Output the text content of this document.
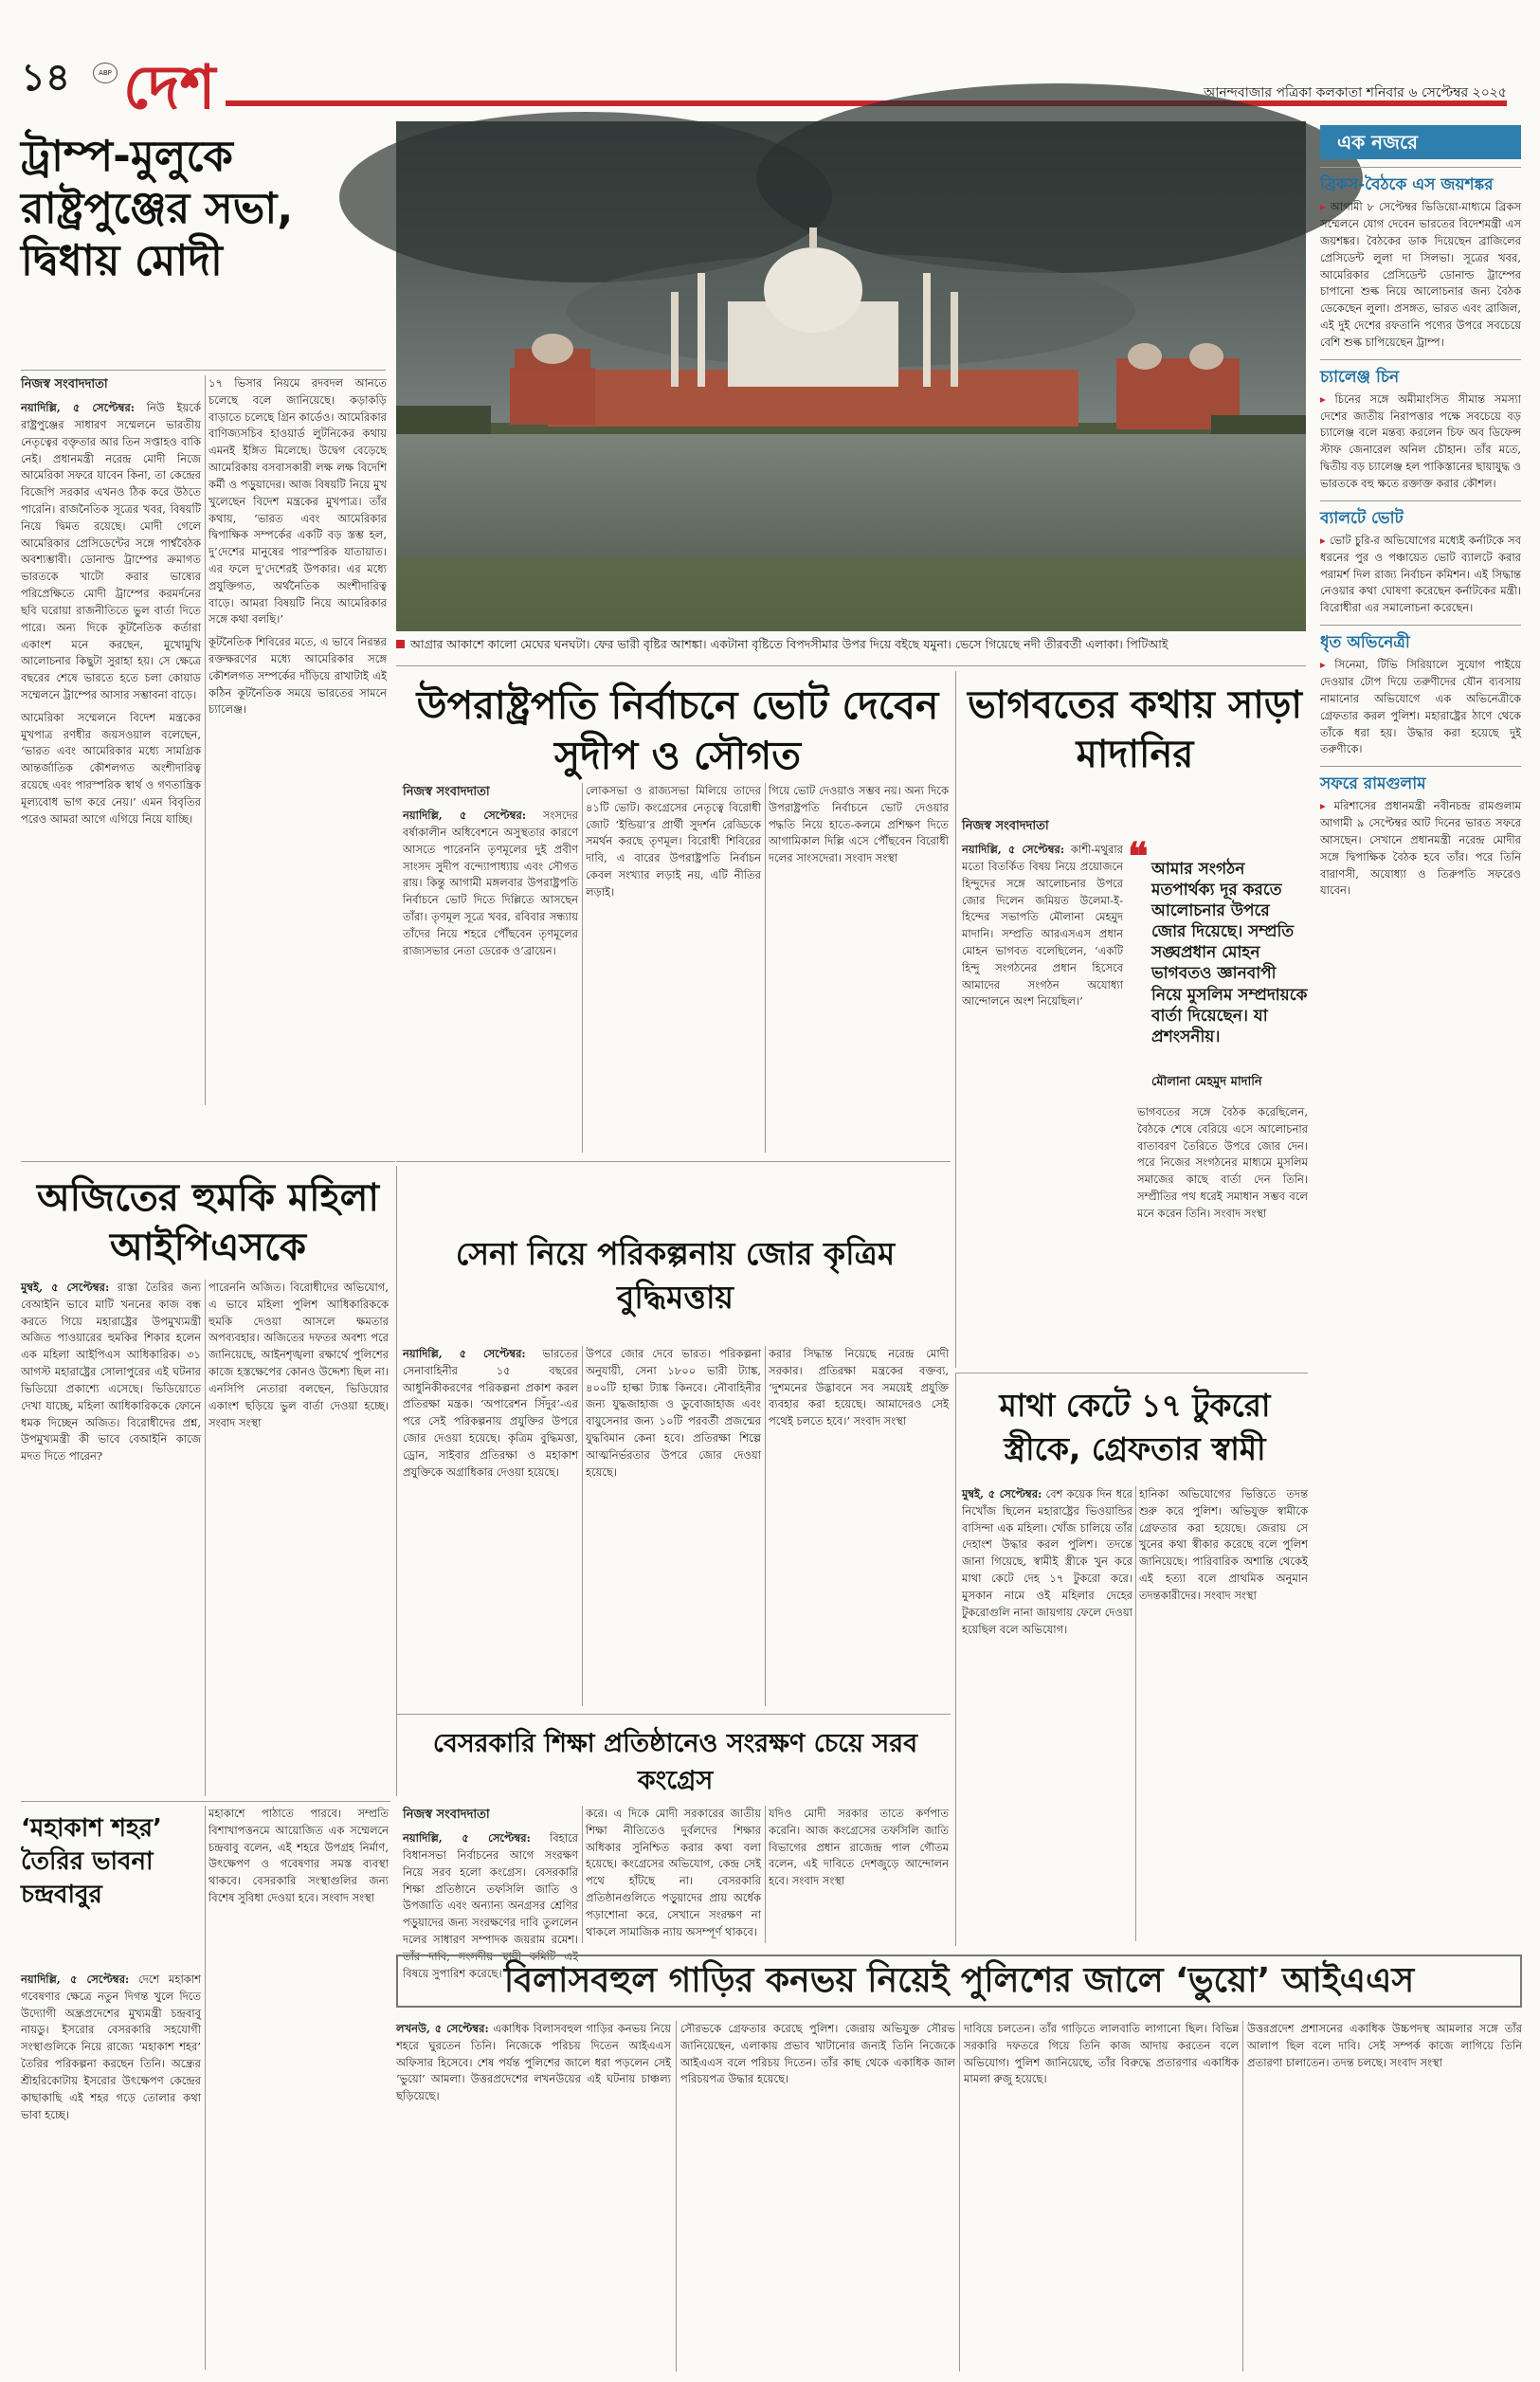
১৪	ABP দেশ	আনন্দবাজার পত্রিকা কলকাতা শনিবার ৬ সেপ্টেম্বর ২০২৫
ট্রাম্প-মুলুকে রাষ্ট্রপুঞ্জের সভা, দ্বিধায় মোদী
নিজস্ব সংবাদদাতা
নয়াদিল্লি, ৫ সেপ্টেম্বর: নিউ ইয়র্কে রাষ্ট্রপুঞ্জের সাধারণ সম্মেলনে ভারতীয় নেতৃত্বের বক্তৃতার আর তিন সপ্তাহও বাকি নেই। প্রধানমন্ত্রী নরেন্দ্র মোদী নিজে আমেরিকা সফরে যাবেন কিনা, তা কেন্দ্রের বিজেপি সরকার এখনও ঠিক করে উঠতে পারেনি। রাজনৈতিক সূত্রের খবর, বিষয়টি নিয়ে দ্বিমত রয়েছে। মোদী গেলে আমেরিকার প্রেসিডেন্টের সঙ্গে পার্শ্ববৈঠক অবশ্যম্ভাবী। ডোনাল্ড ট্রাম্পের ক্রমাগত ভারতকে খাটো করার ভাষ্যের পরিপ্রেক্ষিতে মোদী ট্রাম্পের করমর্দনের ছবি ঘরোয়া রাজনীতিতে ভুল বার্তা দিতে পারে। অন্য দিকে কূটনৈতিক কর্তারা একাংশ মনে করছেন, মুখোমুখি আলোচনার কিছুটা সুরাহা হয়। সে ক্ষেত্রে বছরের শেষে ভারতে হতে চলা কোয়াড সম্মেলনে ট্রাম্পের আসার সম্ভাবনা বাড়ে।

আমেরিকা সম্মেলনে বিদেশ মন্ত্রকের মুখপাত্র রণধীর জয়সওয়াল বলেছেন, ‘ভারত এবং আমেরিকার মধ্যে সামগ্রিক আন্তর্জাতিক কৌশলগত অংশীদারিত্ব রয়েছে এবং পারস্পরিক স্বার্থ ও গণতান্ত্রিক মূল্যবোধ ভাগ করে নেয়।’ এমন বিবৃতির পরেও আমরা আগে এগিয়ে নিয়ে যাচ্ছি।

১৭ ভিসার নিয়মে রদবদল আনতে চলেছে বলে জানিয়েছে। কড়াকড়ি বাড়াতে চলেছে গ্রিন কার্ডেও। আমেরিকার বাণিজ্যসচিব হাওয়ার্ড লুটনিকের কথায় এমনই ইঙ্গিত মিলেছে। উদ্বেগ বেড়েছে আমেরিকায় বসবাসকারী লক্ষ লক্ষ বিদেশি কর্মী ও পড়ুয়াদের। আজ বিষয়টি নিয়ে মুখ খুলেছেন বিদেশ মন্ত্রকের মুখপাত্র। তাঁর কথায়, ‘ভারত এবং আমেরিকার দ্বিপাক্ষিক সম্পর্কের একটি বড় স্তম্ভ হল, দু’দেশের মানুষের পারস্পরিক যাতায়াত। এর ফলে দু’দেশেরই উপকার। এর মধ্যে প্রযুক্তিগত, অর্থনৈতিক অংশীদারিত্ব বাড়ে। আমরা বিষয়টি নিয়ে আমেরিকার সঙ্গে কথা বলছি।’

কূটনৈতিক শিবিরের মতে, এ ভাবে নিরন্তর রক্তক্ষরণের মধ্যে আমেরিকার সঙ্গে কৌশলগত সম্পর্কের দাঁড়িয়ে রাখাটাই এই কঠিন কূটনৈতিক সময়ে ভারতের সামনে চ্যালেঞ্জ।

আগ্রার আকাশে কালো মেঘের ঘনঘটা। ফের ভারী বৃষ্টির আশঙ্কা। একটানা বৃষ্টিতে বিপদসীমার উপর দিয়ে বইছে যমুনা। ভেসে গিয়েছে নদী তীরবর্তী এলাকা। পিটিআই
উপরাষ্ট্রপতি নির্বাচনে ভোট দেবেন সুদীপ ও সৌগত
নিজস্ব সংবাদদাতা
নয়াদিল্লি, ৫ সেপ্টেম্বর: সংসদের বর্ষাকালীন অধিবেশনে অসুস্থতার কারণে আসতে পারেননি তৃণমূলের দুই প্রবীণ সাংসদ সুদীপ বন্দ্যোপাধ্যায় এবং সৌগত রায়। কিন্তু আগামী মঙ্গলবার উপরাষ্ট্রপতি নির্বাচনে ভোট দিতে দিল্লিতে আসছেন তাঁরা। তৃণমূল সূত্রে খবর, রবিবার সন্ধ্যায় তাঁদের নিয়ে শহরে পৌঁছবেন তৃণমূলের রাজ্যসভার নেতা ডেরেক ও’ব্রায়েন।
লোকসভা ও রাজ্যসভা মিলিয়ে তাদের ৪১টি ভোট। কংগ্রেসের নেতৃত্বে বিরোধী জোট ‘ইন্ডিয়া’র প্রার্থী সুদর্শন রেড্ডিকে সমর্থন করছে তৃণমূল। বিরোধী শিবিরের দাবি, এ বারের উপরাষ্ট্রপতি নির্বাচন কেবল সংখ্যার লড়াই নয়, এটি নীতির লড়াই।
গিয়ে ভোট দেওয়াও সম্ভব নয়। অন্য দিকে উপরাষ্ট্রপতি নির্বাচনে ভোট দেওয়ার পদ্ধতি নিয়ে হাতে-কলমে প্রশিক্ষণ দিতে আগামিকাল দিল্লি এসে পৌঁছবেন বিরোধী দলের সাংসদেরা। সংবাদ সংস্থা
ভাগবতের কথায় সাড়া মাদানির
নিজস্ব সংবাদদাতা
নয়াদিল্লি, ৫ সেপ্টেম্বর: কাশী-মথুরার মতো বিতর্কিত বিষয় নিয়ে প্রয়োজনে হিন্দুদের সঙ্গে আলোচনার উপরে জোর দিলেন জমিয়ত উলেমা-ই-হিন্দের সভাপতি মৌলানা মেহমুদ মাদানি। সম্প্রতি আরএসএস প্রধান মোহন ভাগবত বলেছিলেন, ‘একটি হিন্দু সংগঠনের প্রধান হিসেবে আমাদের সংগঠন অযোধ্যা আন্দোলনে অংশ নিয়েছিল।’
❝ আমার সংগঠন মতপার্থক্য দূর করতে আলোচনার উপরে জোর দিয়েছে। সম্প্রতি সঙ্ঘপ্রধান মোহন ভাগবতও জ্ঞানবাপী নিয়ে মুসলিম সম্প্রদায়কে বার্তা দিয়েছেন। যা প্রশংসনীয়।
মৌলানা মেহমুদ মাদানি
ভাগবতের সঙ্গে বৈঠক করেছিলেন, বৈঠকে শেষে বেরিয়ে এসে আলোচনার বাতাবরণ তৈরিতে উপরে জোর দেন। পরে নিজের সংগঠনের মাধ্যমে মুসলিম সমাজের কাছে বার্তা দেন তিনি। সম্প্রীতির পথ ধরেই সমাধান সম্ভব বলে মনে করেন তিনি। সংবাদ সংস্থা
অজিতের হুমকি মহিলা আইপিএসকে
মুম্বই, ৫ সেপ্টেম্বর: রাস্তা তৈরির জন্য বেআইনি ভাবে মাটি খননের কাজ বন্ধ করতে গিয়ে মহারাষ্ট্রের উপমুখ্যমন্ত্রী অজিত পাওয়ারের হুমকির শিকার হলেন এক মহিলা আইপিএস আধিকারিক। ৩১ আগস্ট মহারাষ্ট্রের সোলাপুরের এই ঘটনার ভিডিয়ো প্রকাশ্যে এসেছে। ভিডিয়োতে দেখা যাচ্ছে, মহিলা আধিকারিককে ফোনে ধমক দিচ্ছেন অজিত। বিরোধীদের প্রশ্ন, উপমুখ্যমন্ত্রী কী ভাবে বেআইনি কাজে মদত দিতে পারেন?
পারেননি অজিত। বিরোধীদের অভিযোগ, এ ভাবে মহিলা পুলিশ আধিকারিককে হুমকি দেওয়া আসলে ক্ষমতার অপব্যবহার। অজিতের দফতর অবশ্য পরে জানিয়েছে, আইনশৃঙ্খলা রক্ষার্থে পুলিশের কাজে হস্তক্ষেপের কোনও উদ্দেশ্য ছিল না। এনসিপি নেতারা বলছেন, ভিডিয়োর একাংশ ছড়িয়ে ভুল বার্তা দেওয়া হচ্ছে। সংবাদ সংস্থা
সেনা নিয়ে পরিকল্পনায় জোর কৃত্রিম বুদ্ধিমত্তায়
নয়াদিল্লি, ৫ সেপ্টেম্বর: ভারতের সেনাবাহিনীর ১৫ বছরের আধুনিকীকরণের পরিকল্পনা প্রকাশ করল প্রতিরক্ষা মন্ত্রক। ‘অপারেশন সিঁদুর’-এর পরে সেই পরিকল্পনায় প্রযুক্তির উপরে জোর দেওয়া হয়েছে। কৃত্রিম বুদ্ধিমত্তা, ড্রোন, সাইবার প্রতিরক্ষা ও মহাকাশ প্রযুক্তিকে অগ্রাধিকার দেওয়া হয়েছে।
উপরে জোর দেবে ভারত। পরিকল্পনা অনুযায়ী, সেনা ১৮০০ ভারী ট্যাঙ্ক, ৪০০টি হাল্কা ট্যাঙ্ক কিনবে। নৌবাহিনীর জন্য যুদ্ধজাহাজ ও ডুবোজাহাজ এবং বায়ুসেনার জন্য ১০টি পরবর্তী প্রজন্মের যুদ্ধবিমান কেনা হবে। প্রতিরক্ষা শিল্পে আত্মনির্ভরতার উপরে জোর দেওয়া হয়েছে।
করার সিদ্ধান্ত নিয়েছে নরেন্দ্র মোদী সরকার। প্রতিরক্ষা মন্ত্রকের বক্তব্য, ‘দুশমনের উদ্ভাবনে সব সময়েই প্রযুক্তি ব্যবহার করা হয়েছে। আমাদেরও সেই পথেই চলতে হবে।’ সংবাদ সংস্থা
বেসরকারি শিক্ষা প্রতিষ্ঠানেও সংরক্ষণ চেয়ে সরব কংগ্রেস
নিজস্ব সংবাদদাতা
নয়াদিল্লি, ৫ সেপ্টেম্বর: বিহারে বিধানসভা নির্বাচনের আগে সংরক্ষণ নিয়ে সরব হলো কংগ্রেস। বেসরকারি শিক্ষা প্রতিষ্ঠানে তফসিলি জাতি ও উপজাতি এবং অন্যান্য অনগ্রসর শ্রেণির পড়ুয়াদের জন্য সংরক্ষণের দাবি তুললেন দলের সাধারণ সম্পাদক জয়রাম রমেশ। তাঁর দাবি, সংসদীয় স্থায়ী কমিটি এই বিষয়ে সুপারিশ করেছে।
করে। এ দিকে মোদী সরকারের জাতীয় শিক্ষা নীতিতেও দুর্বলদের শিক্ষার অধিকার সুনিশ্চিত করার কথা বলা হয়েছে। কংগ্রেসের অভিযোগ, কেন্দ্র সেই পথে হাঁটছে না। বেসরকারি প্রতিষ্ঠানগুলিতে পড়ুয়াদের প্রায় অর্ধেক পড়াশোনা করে, সেখানে সংরক্ষণ না থাকলে সামাজিক ন্যায় অসম্পূর্ণ থাকবে।
যদিও মোদী সরকার তাতে কর্ণপাত করেনি। আজ কংগ্রেসের তফসিলি জাতি বিভাগের প্রধান রাজেন্দ্র পাল গৌতম বলেন, এই দাবিতে দেশজুড়ে আন্দোলন হবে। সংবাদ সংস্থা
মাথা কেটে ১৭ টুকরো স্ত্রীকে, গ্রেফতার স্বামী
মুম্বই, ৫ সেপ্টেম্বর: বেশ কয়েক দিন ধরে নিখোঁজ ছিলেন মহারাষ্ট্রের ভিওয়ান্ডির বাসিন্দা এক মহিলা। খোঁজ চালিয়ে তাঁর দেহাংশ উদ্ধার করল পুলিশ। তদন্তে জানা গিয়েছে, স্বামীই স্ত্রীকে খুন করে মাথা কেটে দেহ ১৭ টুকরো করে। মুসকান নামে ওই মহিলার দেহের টুকরোগুলি নানা জায়গায় ফেলে দেওয়া হয়েছিল বলে অভিযোগ।
হানিকা অভিযোগের ভিত্তিতে তদন্ত শুরু করে পুলিশ। অভিযুক্ত স্বামীকে গ্রেফতার করা হয়েছে। জেরায় সে খুনের কথা স্বীকার করেছে বলে পুলিশ জানিয়েছে। পারিবারিক অশান্তি থেকেই এই হত্যা বলে প্রাথমিক অনুমান তদন্তকারীদের। সংবাদ সংস্থা
‘মহাকাশ শহর’ তৈরির ভাবনা চন্দ্রবাবুর
নয়াদিল্লি, ৫ সেপ্টেম্বর: দেশে মহাকাশ গবেষণার ক্ষেত্রে নতুন দিগন্ত খুলে দিতে উদ্যোগী অন্ধ্রপ্রদেশের মুখ্যমন্ত্রী চন্দ্রবাবু নায়ডু। ইসরোর বেসরকারি সহযোগী সংস্থাগুলিকে নিয়ে রাজ্যে ‘মহাকাশ শহর’ তৈরির পরিকল্পনা করছেন তিনি। অন্ধ্রের শ্রীহরিকোটায় ইসরোর উৎক্ষেপণ কেন্দ্রের কাছাকাছি এই শহর গড়ে তোলার কথা ভাবা হচ্ছে।
মহাকাশে পাঠাতে পারবে। সম্প্রতি বিশাখাপত্তনমে আয়োজিত এক সম্মেলনে চন্দ্রবাবু বলেন, এই শহরে উপগ্রহ নির্মাণ, উৎক্ষেপণ ও গবেষণার সমস্ত ব্যবস্থা থাকবে। বেসরকারি সংস্থাগুলির জন্য বিশেষ সুবিধা দেওয়া হবে। সংবাদ সংস্থা
বিলাসবহুল গাড়ির কনভয় নিয়েই পুলিশের জালে ‘ভুয়ো’ আইএএস
লখনউ, ৫ সেপ্টেম্বর: একাধিক বিলাসবহুল গাড়ির কনভয় নিয়ে শহরে ঘুরতেন তিনি। নিজেকে পরিচয় দিতেন আইএএস অফিসার হিসেবে। শেষ পর্যন্ত পুলিশের জালে ধরা পড়লেন সেই ‘ভুয়ো’ আমলা। উত্তরপ্রদেশের লখনউয়ের এই ঘটনায় চাঞ্চল্য ছড়িয়েছে।
সৌরভকে গ্রেফতার করেছে পুলিশ। জেরায় অভিযুক্ত সৌরভ জানিয়েছেন, এলাকায় প্রভাব খাটানোর জন্যই তিনি নিজেকে আইএএস বলে পরিচয় দিতেন। তাঁর কাছ থেকে একাধিক জাল পরিচয়পত্র উদ্ধার হয়েছে।
দাবিয়ে চলতেন। তাঁর গাড়িতে লালবাতি লাগানো ছিল। বিভিন্ন সরকারি দফতরে গিয়ে তিনি কাজ আদায় করতেন বলে অভিযোগ। পুলিশ জানিয়েছে, তাঁর বিরুদ্ধে প্রতারণার একাধিক মামলা রুজু হয়েছে।
উত্তরপ্রদেশ প্রশাসনের একাধিক উচ্চপদস্থ আমলার সঙ্গে তাঁর আলাপ ছিল বলে দাবি। সেই সম্পর্ক কাজে লাগিয়ে তিনি প্রতারণা চালাতেন। তদন্ত চলছে। সংবাদ সংস্থা
এক নজরে
ব্রিকস-বৈঠকে এস জয়শঙ্কর
▸ আগামী ৮ সেপ্টেম্বর ভিডিয়ো-মাধ্যমে ব্রিকস সম্মেলনে যোগ দেবেন ভারতের বিদেশমন্ত্রী এস জয়শঙ্কর। বৈঠকের ডাক দিয়েছেন ব্রাজিলের প্রেসিডেন্ট লুলা দা সিলভা। সূত্রের খবর, আমেরিকার প্রেসিডেন্ট ডোনাল্ড ট্রাম্পের চাপানো শুল্ক নিয়ে আলোচনার জন্য বৈঠক ডেকেছেন লুলা। প্রসঙ্গত, ভারত এবং ব্রাজিল, এই দুই দেশের রফতানি পণ্যের উপরে সবচেয়ে বেশি শুল্ক চাপিয়েছেন ট্রাম্প।
চ্যালেঞ্জ চিন
▸ চিনের সঙ্গে অমীমাংসিত সীমান্ত সমস্যা দেশের জাতীয় নিরাপত্তার পক্ষে সবচেয়ে বড় চ্যালেঞ্জ বলে মন্তব্য করলেন চিফ অব ডিফেন্স স্টাফ জেনারেল অনিল চৌহান। তাঁর মতে, দ্বিতীয় বড় চ্যালেঞ্জ হল পাকিস্তানের ছায়াযুদ্ধ ও ভারতকে বহু ক্ষতে রক্তাক্ত করার কৌশল।
ব্যালটে ভোট
▸ ভোট চুরি-র অভিযোগের মধ্যেই কর্নাটকে সব ধরনের পুর ও পঞ্চায়েত ভোট ব্যালটে করার পরামর্শ দিল রাজ্য নির্বাচন কমিশন। এই সিদ্ধান্ত নেওয়ার কথা ঘোষণা করেছেন কর্নাটকের মন্ত্রী। বিরোধীরা এর সমালোচনা করেছেন।
ধৃত অভিনেত্রী
▸ সিনেমা, টিভি সিরিয়ালে সুযোগ পাইয়ে দেওয়ার টোপ দিয়ে তরুণীদের যৌন ব্যবসায় নামানোর অভিযোগে এক অভিনেত্রীকে গ্রেফতার করল পুলিশ। মহারাষ্ট্রের ঠাণে থেকে তাঁকে ধরা হয়। উদ্ধার করা হয়েছে দুই তরুণীকে।
সফরে রামগুলাম
▸ মরিশাসের প্রধানমন্ত্রী নবীনচন্দ্র রামগুলাম আগামী ৯ সেপ্টেম্বর আট দিনের ভারত সফরে আসছেন। সেখানে প্রধানমন্ত্রী নরেন্দ্র মোদীর সঙ্গে দ্বিপাক্ষিক বৈঠক হবে তাঁর। পরে তিনি বারাণসী, অযোধ্যা ও তিরুপতি সফরেও যাবেন।
